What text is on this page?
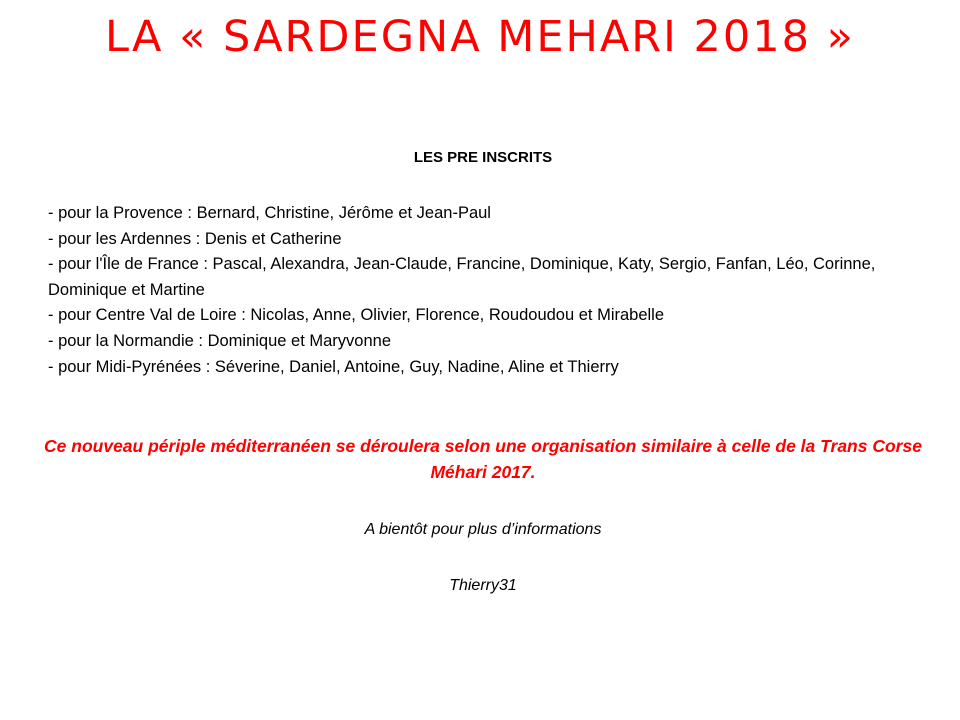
LA « SARDEGNA MEHARI 2018 »
LES PRE INSCRITS
- pour la Provence : Bernard, Christine, Jérôme et Jean-Paul
- pour les Ardennes : Denis et Catherine
- pour l'Île de France : Pascal, Alexandra, Jean-Claude, Francine, Dominique, Katy, Sergio, Fanfan, Léo, Corinne, Dominique et Martine
- pour Centre Val de Loire : Nicolas, Anne, Olivier, Florence, Roudoudou et Mirabelle
- pour la Normandie : Dominique et Maryvonne
- pour Midi-Pyrénées : Séverine, Daniel, Antoine, Guy, Nadine, Aline et Thierry
Ce nouveau périple méditerranéen se déroulera selon une organisation similaire à celle de la Trans Corse Méhari 2017.
A bientôt pour plus d’informations
Thierry31
